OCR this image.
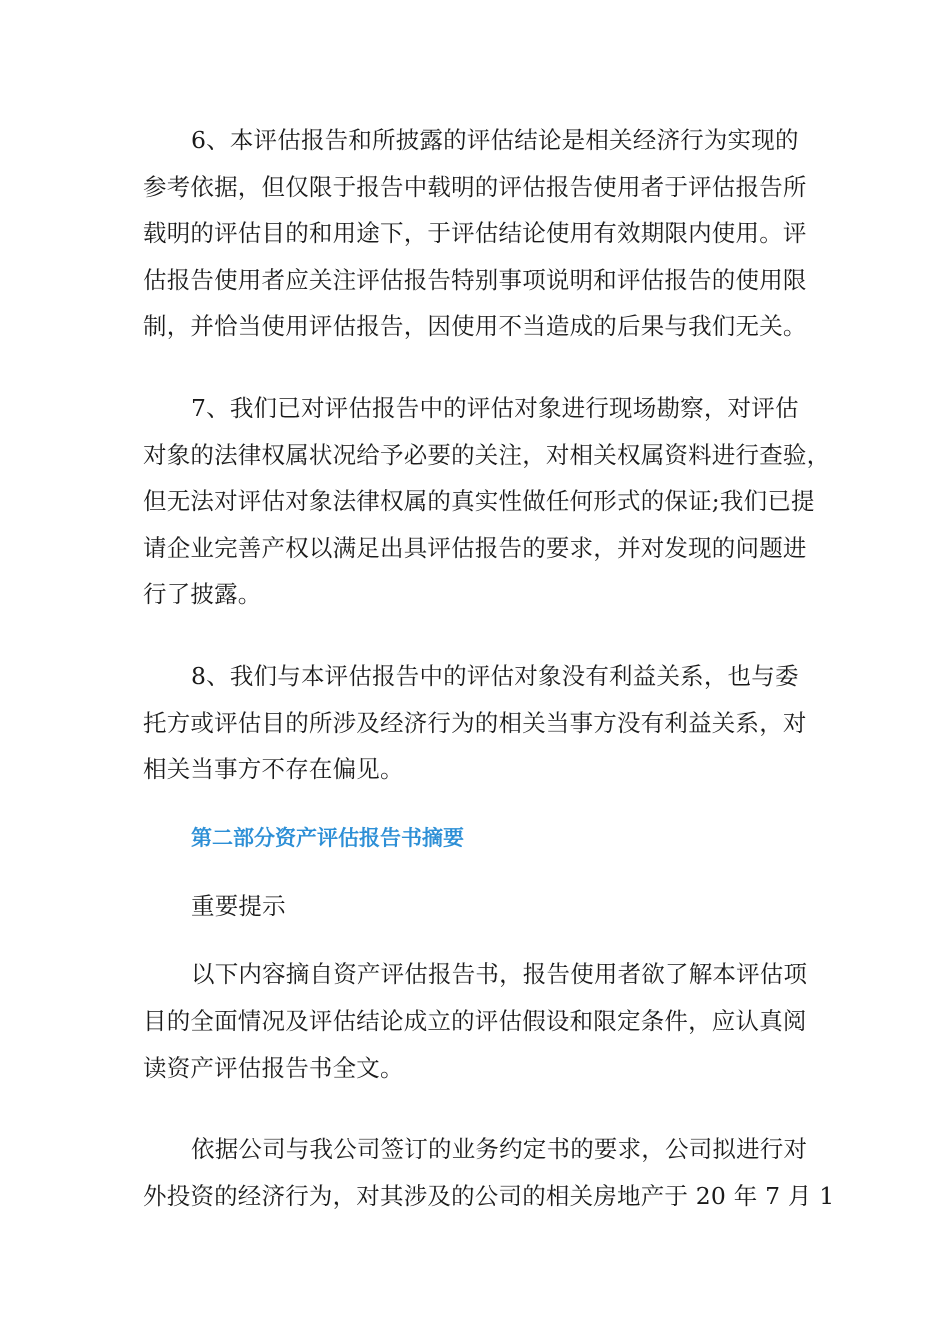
6、本评估报告和所披露的评估结论是相关经济行为实现的
参考依据，但仅限于报告中载明的评估报告使用者于评估报告所
载明的评估目的和用途下，于评估结论使用有效期限内使用。评
估报告使用者应关注评估报告特别事项说明和评估报告的使用限
制，并恰当使用评估报告，因使用不当造成的后果与我们无关。

7、我们已对评估报告中的评估对象进行现场勘察，对评估
对象的法律权属状况给予必要的关注，对相关权属资料进行查验，
但无法对评估对象法律权属的真实性做任何形式的保证;我们已提
请企业完善产权以满足出具评估报告的要求，并对发现的问题进
行了披露。

8、我们与本评估报告中的评估对象没有利益关系，也与委
托方或评估目的所涉及经济行为的相关当事方没有利益关系，对
相关当事方不存在偏见。

第二部分资产评估报告书摘要

重要提示

以下内容摘自资产评估报告书，报告使用者欲了解本评估项
目的全面情况及评估结论成立的评估假设和限定条件，应认真阅
读资产评估报告书全文。

依据公司与我公司签订的业务约定书的要求，公司拟进行对
外投资的经济行为，对其涉及的公司的相关房地产于 20 年 7 月 1
